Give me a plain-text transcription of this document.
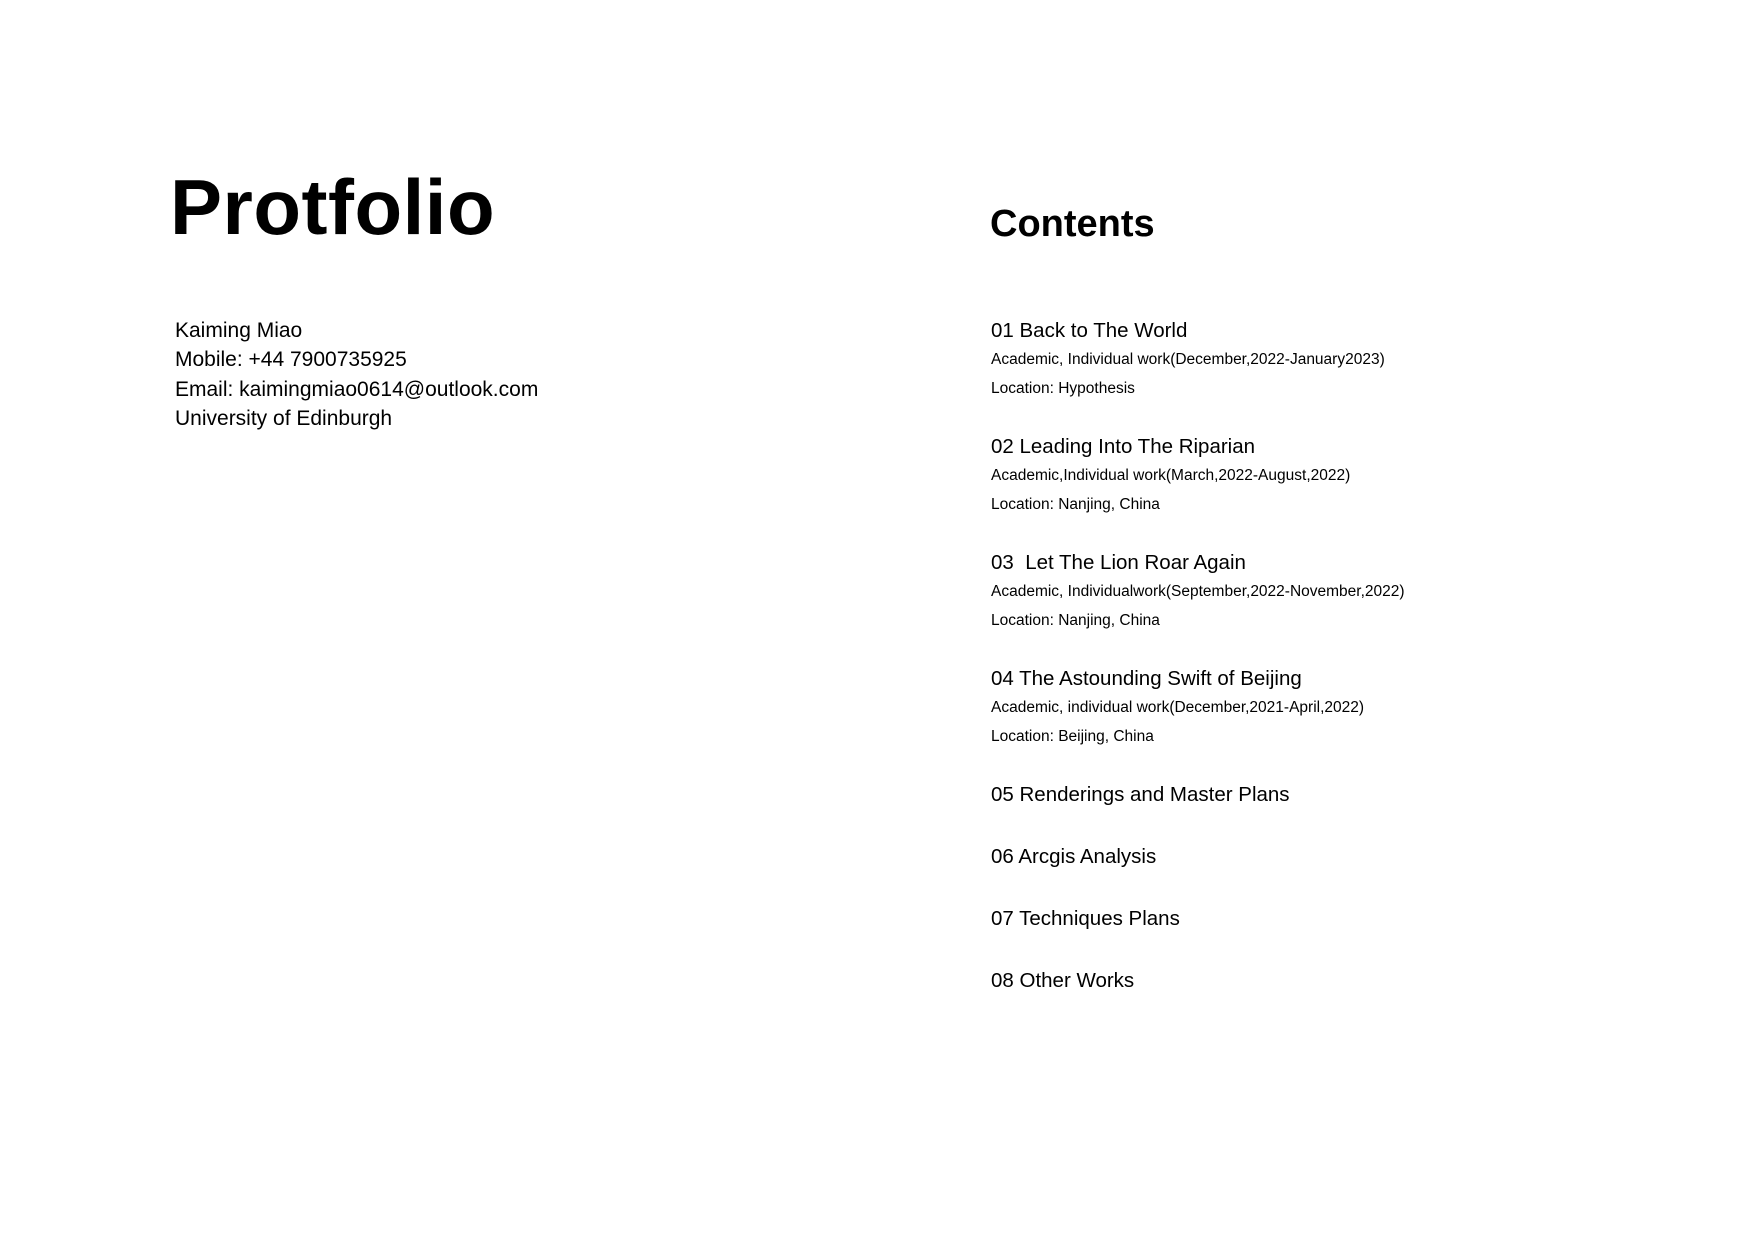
Protfolio
Kaiming Miao
Mobile: +44 7900735925
Email: kaimingmiao0614@outlook.com
University of Edinburgh
Contents
01 Back to The World
Academic, Individual work(December,2022-January2023)
Location: Hypothesis
02 Leading Into The Riparian
Academic,Individual work(March,2022-August,2022)
Location: Nanjing, China
03  Let The Lion Roar Again
Academic, Individualwork(September,2022-November,2022)
Location: Nanjing, China
04 The Astounding Swift of Beijing
Academic, individual work(December,2021-April,2022)
Location: Beijing, China
05 Renderings and Master Plans
06 Arcgis Analysis
07 Techniques Plans
08 Other Works
